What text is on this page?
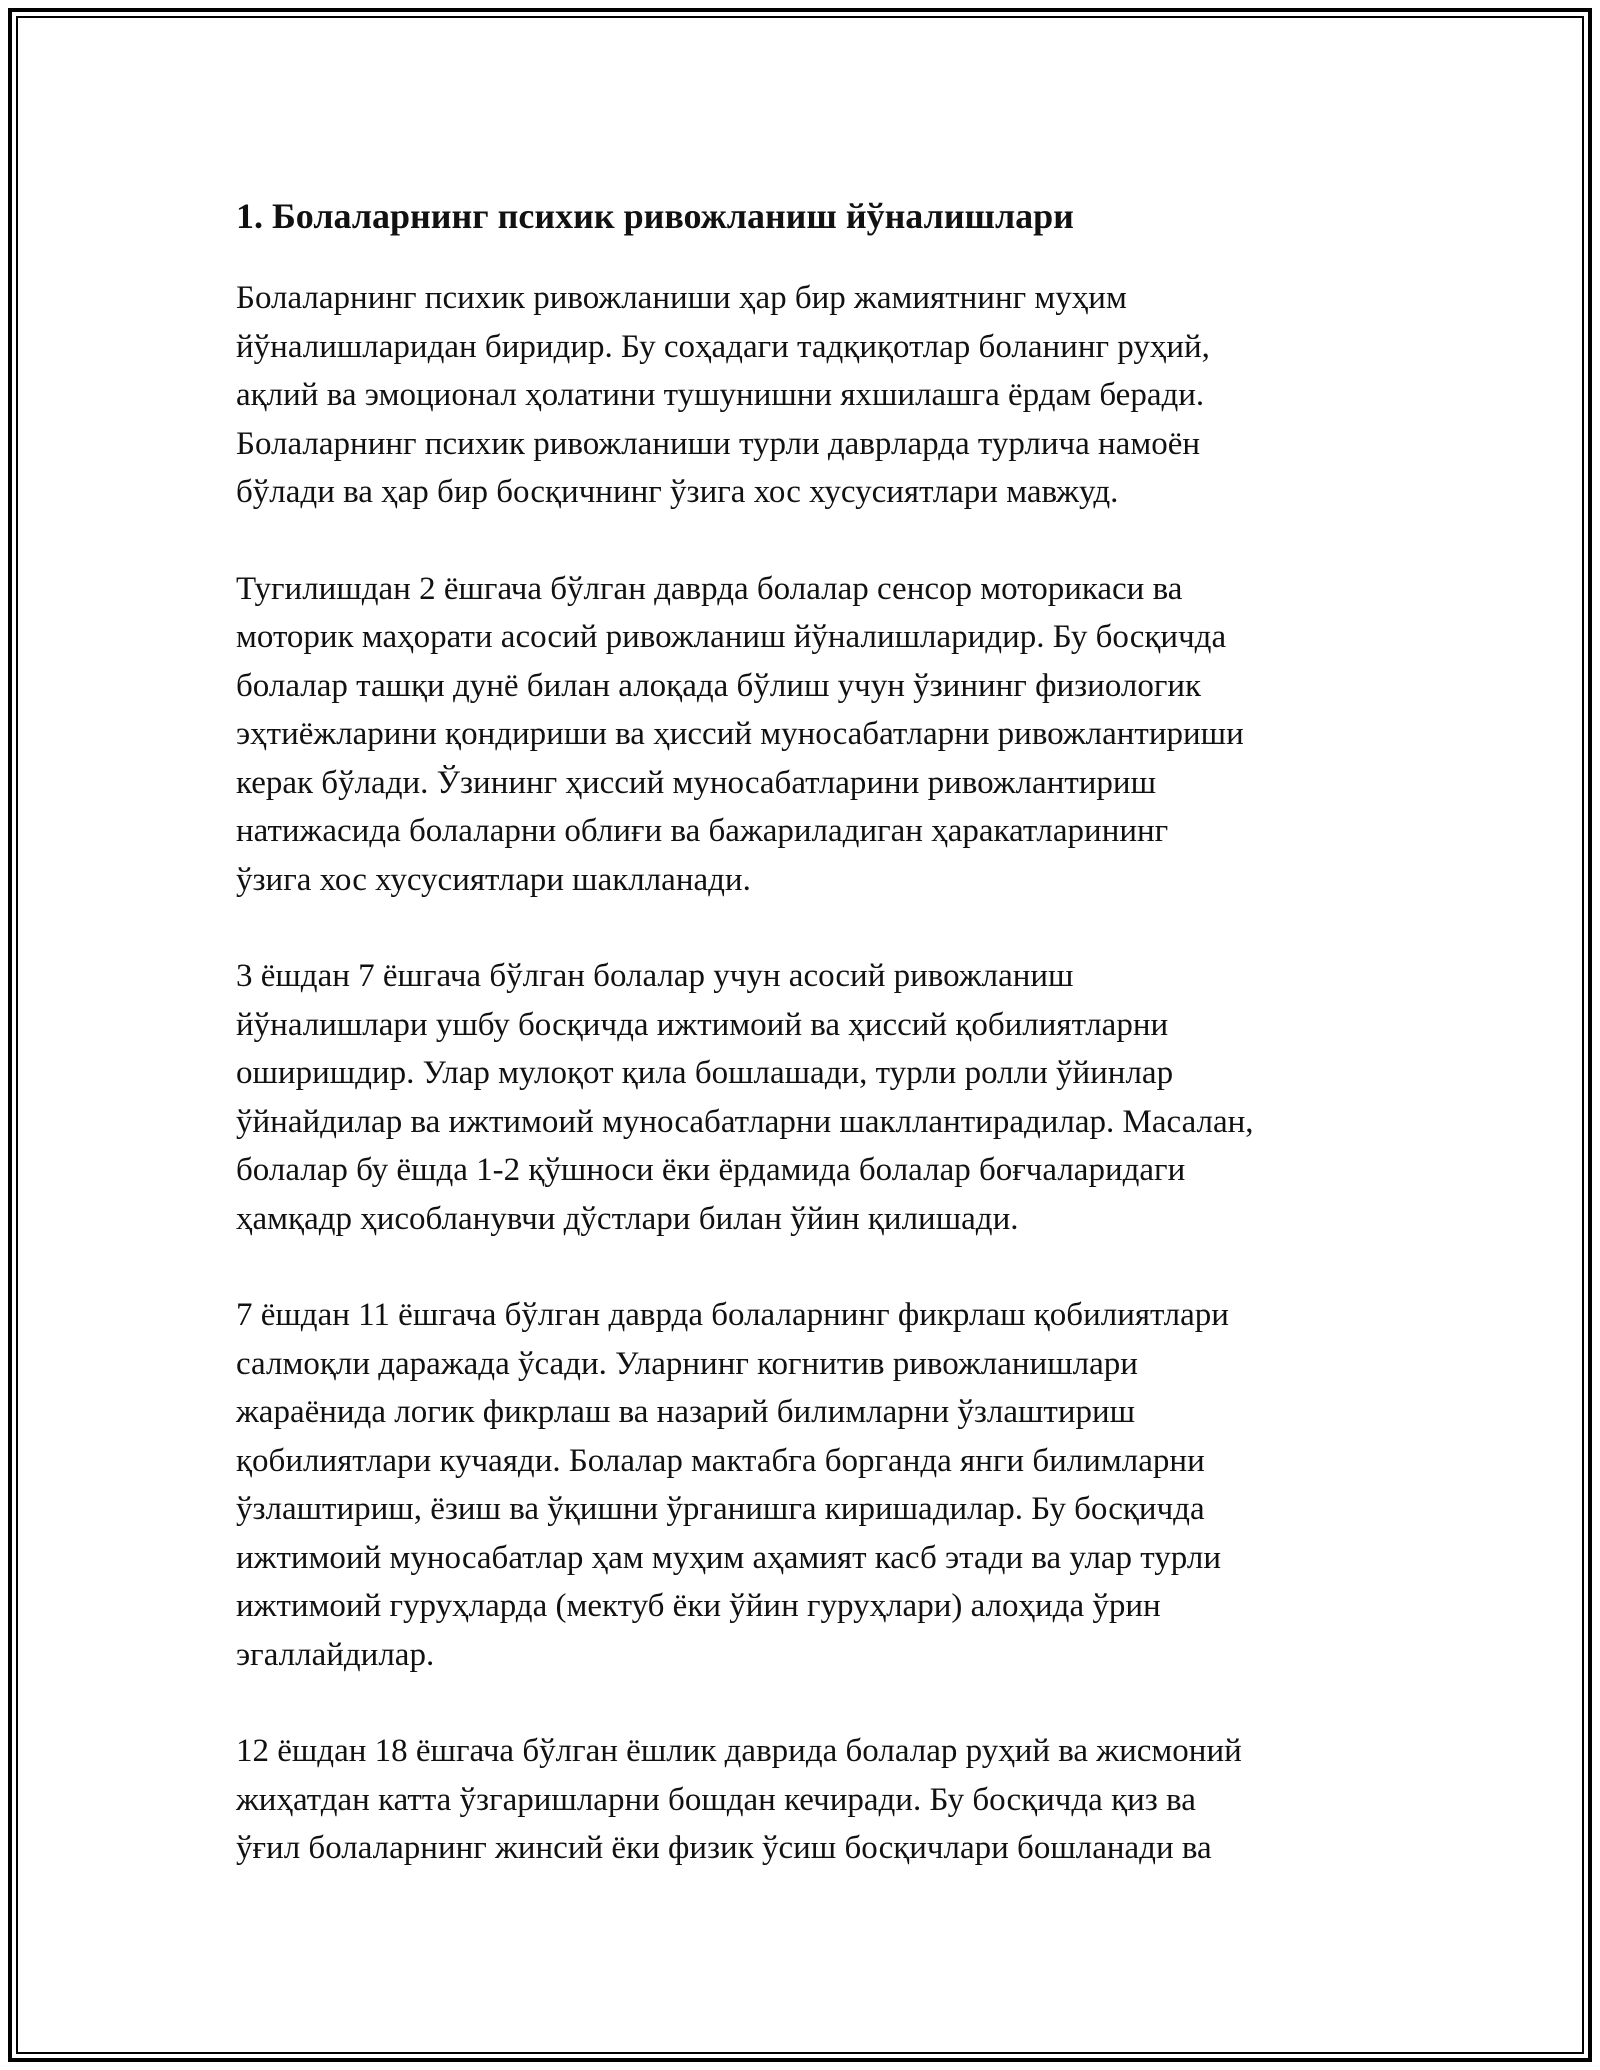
1. Болаларнинг психик ривожланиш йўналишлари

Болаларнинг психик ривожланиши ҳар бир жамиятнинг муҳим
йўналишларидан биридир. Бу соҳадаги тадқиқотлар боланинг руҳий,
ақлий ва эмоционал ҳолатини тушунишни яхшилашга ёрдам беради.
Болаларнинг психик ривожланиши турли даврларда турлича намоён
бўлади ва ҳар бир босқичнинг ўзига хос хусусиятлари мавжуд.

Тугилишдан 2 ёшгача бўлган даврда болалар сенсор моторикаси ва
моторик маҳорати асосий ривожланиш йўналишларидир. Бу босқичда
болалар ташқи дунё билан алоқада бўлиш учун ўзининг физиологик
эҳтиёжларини қондириши ва ҳиссий муносабатларни ривожлантириши
керак бўлади. Ўзининг ҳиссий муносабатларини ривожлантириш
натижасида болаларни облиғи ва бажариладиган ҳаракатларининг
ўзига хос хусусиятлари шаклланади.

3 ёшдан 7 ёшгача бўлган болалар учун асосий ривожланиш
йўналишлари ушбу босқичда ижтимоий ва ҳиссий қобилиятларни
оширишдир. Улар мулоқот қила бошлашади, турли ролли ўйинлар
ўйнайдилар ва ижтимоий муносабатларни шакллантирадилар. Масалан,
болалар бу ёшда 1-2 қўшноси ёки ёрдамида болалар боғчаларидаги
ҳамқадр ҳисобланувчи дўстлари билан ўйин қилишади.

7 ёшдан 11 ёшгача бўлган даврда болаларнинг фикрлаш қобилиятлари
салмоқли даражада ўсади. Уларнинг когнитив ривожланишлари
жараёнида логик фикрлаш ва назарий билимларни ўзлаштириш
қобилиятлари кучаяди. Болалар мактабга борганда янги билимларни
ўзлаштириш, ёзиш ва ўқишни ўрганишга киришадилар. Бу босқичда
ижтимоий муносабатлар ҳам муҳим аҳамият касб этади ва улар турли
ижтимоий гуруҳларда (мектуб ёки ўйин гуруҳлари) алоҳида ўрин
эгаллайдилар.

12 ёшдан 18 ёшгача бўлган ёшлик даврида болалар руҳий ва жисмоний
жиҳатдан катта ўзгаришларни бошдан кечиради. Бу босқичда қиз ва
ўғил болаларнинг жинсий ёки физик ўсиш босқичлари бошланади ва
